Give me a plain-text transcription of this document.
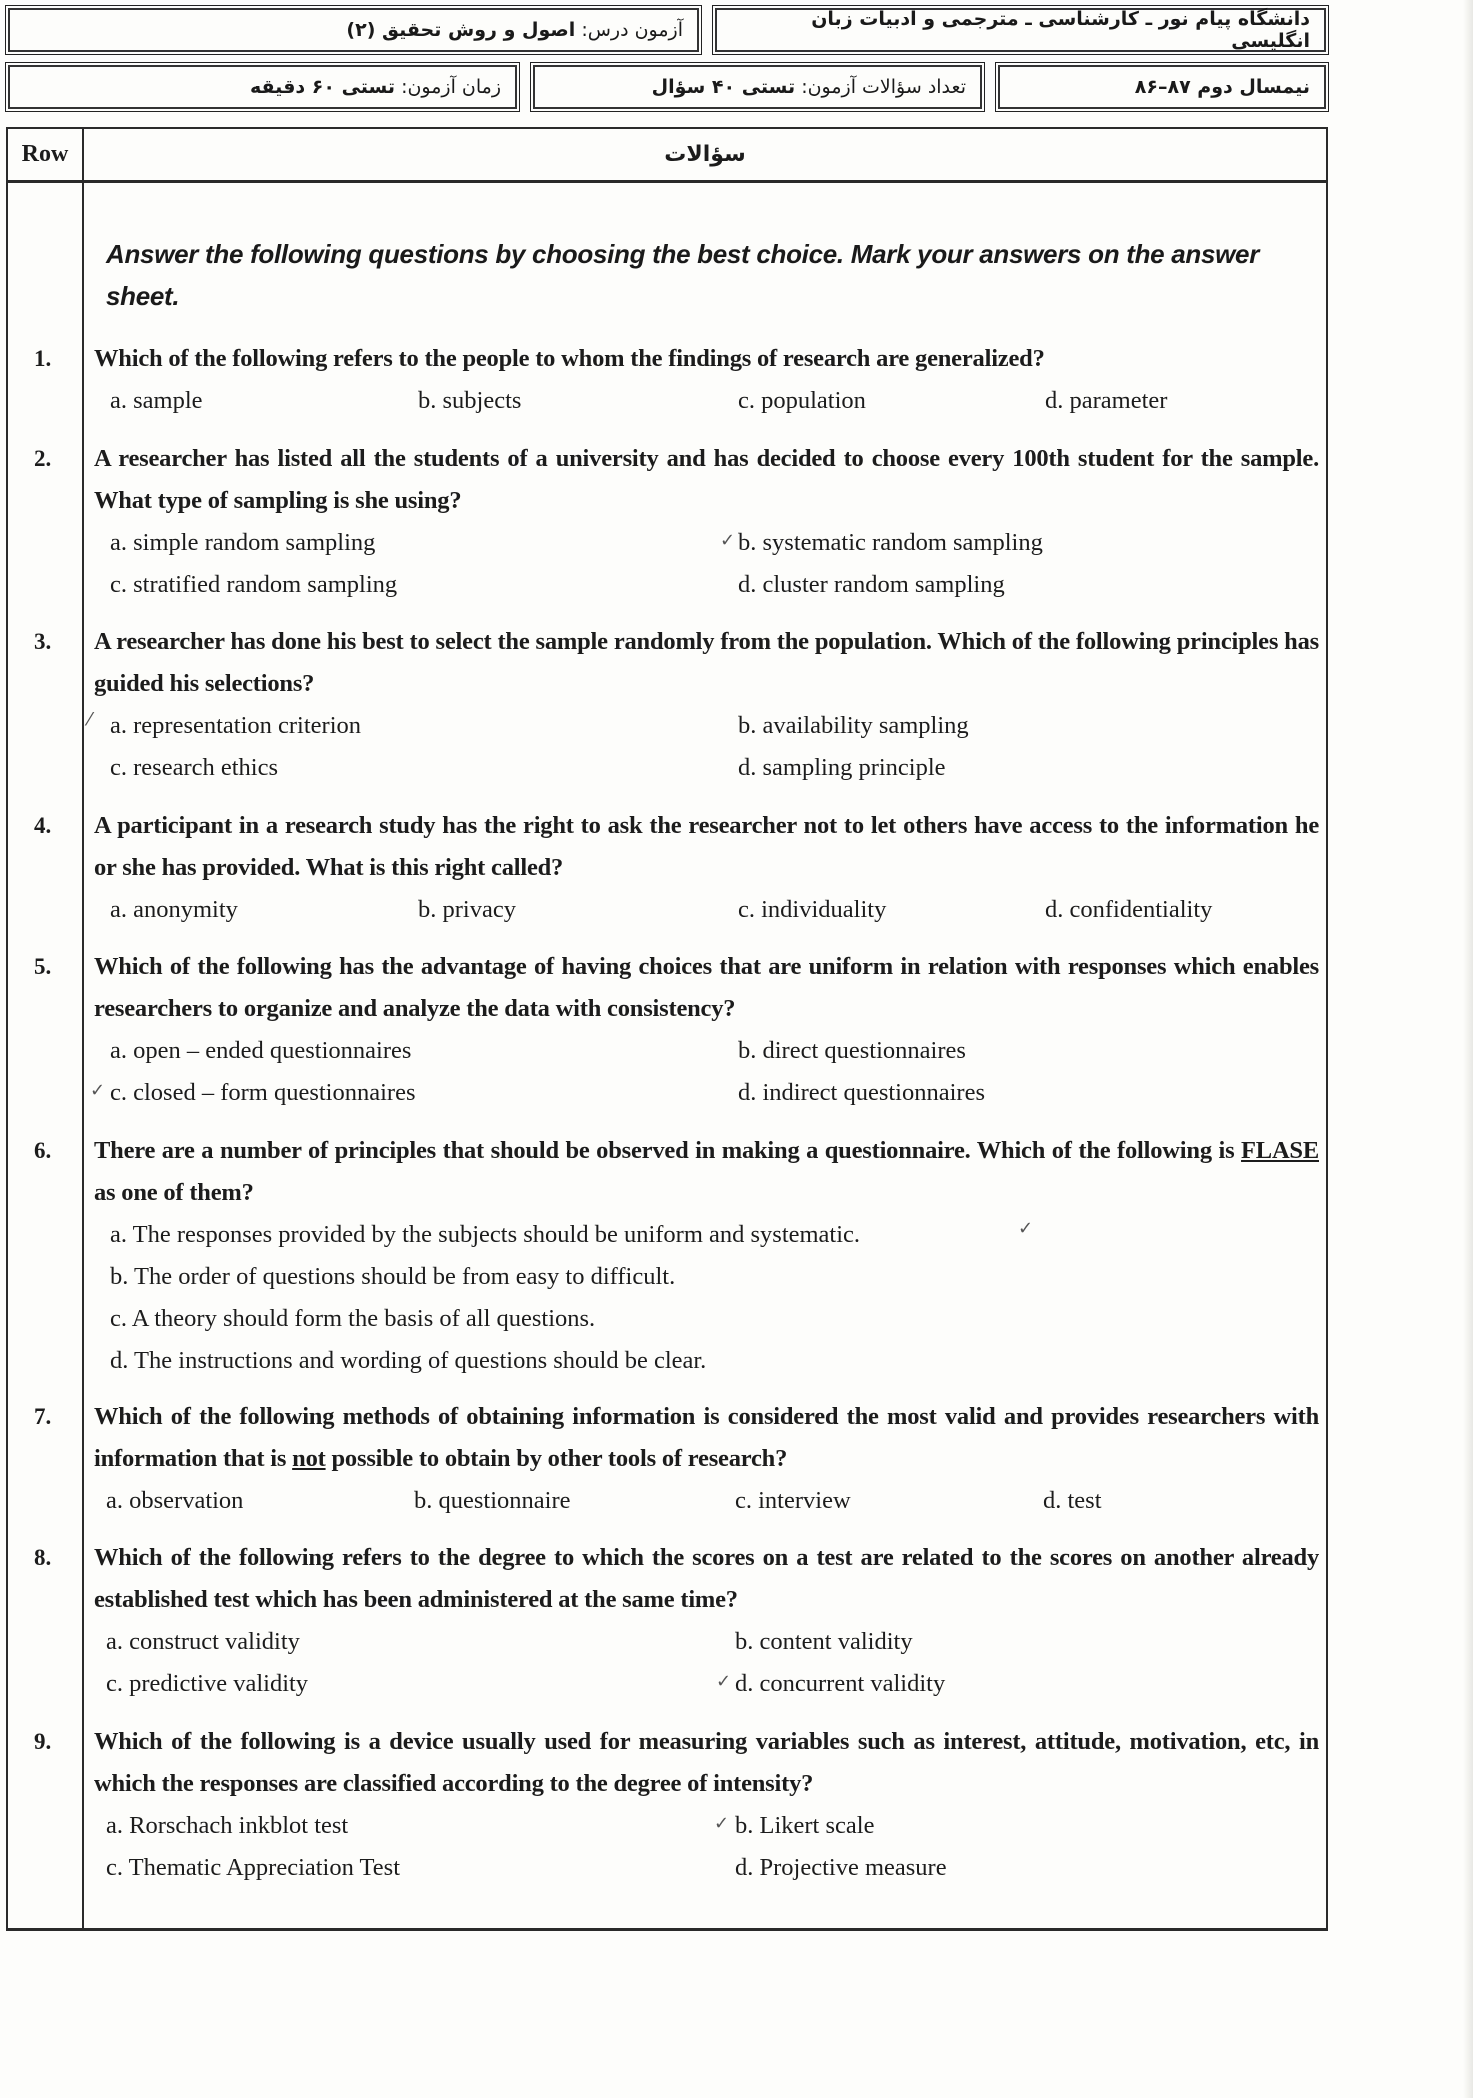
دانشگاه پیام نور ـ کارشناسی ـ مترجمی و ادبیات زبان انگلیسی
آزمون درس:

اصول و روش تحقیق (۲)
نیمسال دوم ۸۷–۸۶
تعداد سؤالات آزمون:

تستی ۴۰ سؤال
زمان آزمون:

تستی ۶۰ دقیقه
Row	سؤالات
Answer the following questions by choosing the best choice. Mark your answers on the answer sheet.
1. Which of the following refers to the people to whom the findings of research are generalized?
a. sample	b. subjects	c. population	d. parameter
2. A researcher has listed all the students of a university and has decided to choose every 100th student for the sample. What type of sampling is she using?
a. simple random sampling	b. systematic random sampling
c. stratified random sampling	d. cluster random sampling
✓
3. A researcher has done his best to select the sample randomly from the population. Which of the following principles has guided his selections?
a. representation criterion	b. availability sampling
c. research ethics	d. sampling principle
⁄
4. A participant in a research study has the right to ask the researcher not to let others have access to the information he or she has provided. What is this right called?
a. anonymity	b. privacy	c. individuality	d. confidentiality
5. Which of the following has the advantage of having choices that are uniform in relation with responses which enables researchers to organize and analyze the data with consistency?
a. open – ended questionnaires	b. direct questionnaires
c. closed – form questionnaires	d. indirect questionnaires
✓
6. There are a number of principles that should be observed in making a questionnaire. Which of the following is FLASE as one of them?
a. The responses provided by the subjects should be uniform and systematic.
b. The order of questions should be from easy to difficult.
c. A theory should form the basis of all questions.
d. The instructions and wording of questions should be clear.
✓
7. Which of the following methods of obtaining information is considered the most valid and provides researchers with information that is not possible to obtain by other tools of research?
a. observation	b. questionnaire	c. interview	d. test
8. Which of the following refers to the degree to which the scores on a test are related to the scores on another already established test which has been administered at the same time?
a. construct validity	b. content validity
c. predictive validity	d. concurrent validity
✓
9. Which of the following is a device usually used for measuring variables such as interest, attitude, motivation, etc, in which the responses are classified according to the degree of intensity?
a. Rorschach inkblot test	b. Likert scale
c. Thematic Appreciation Test	d. Projective measure
✓
